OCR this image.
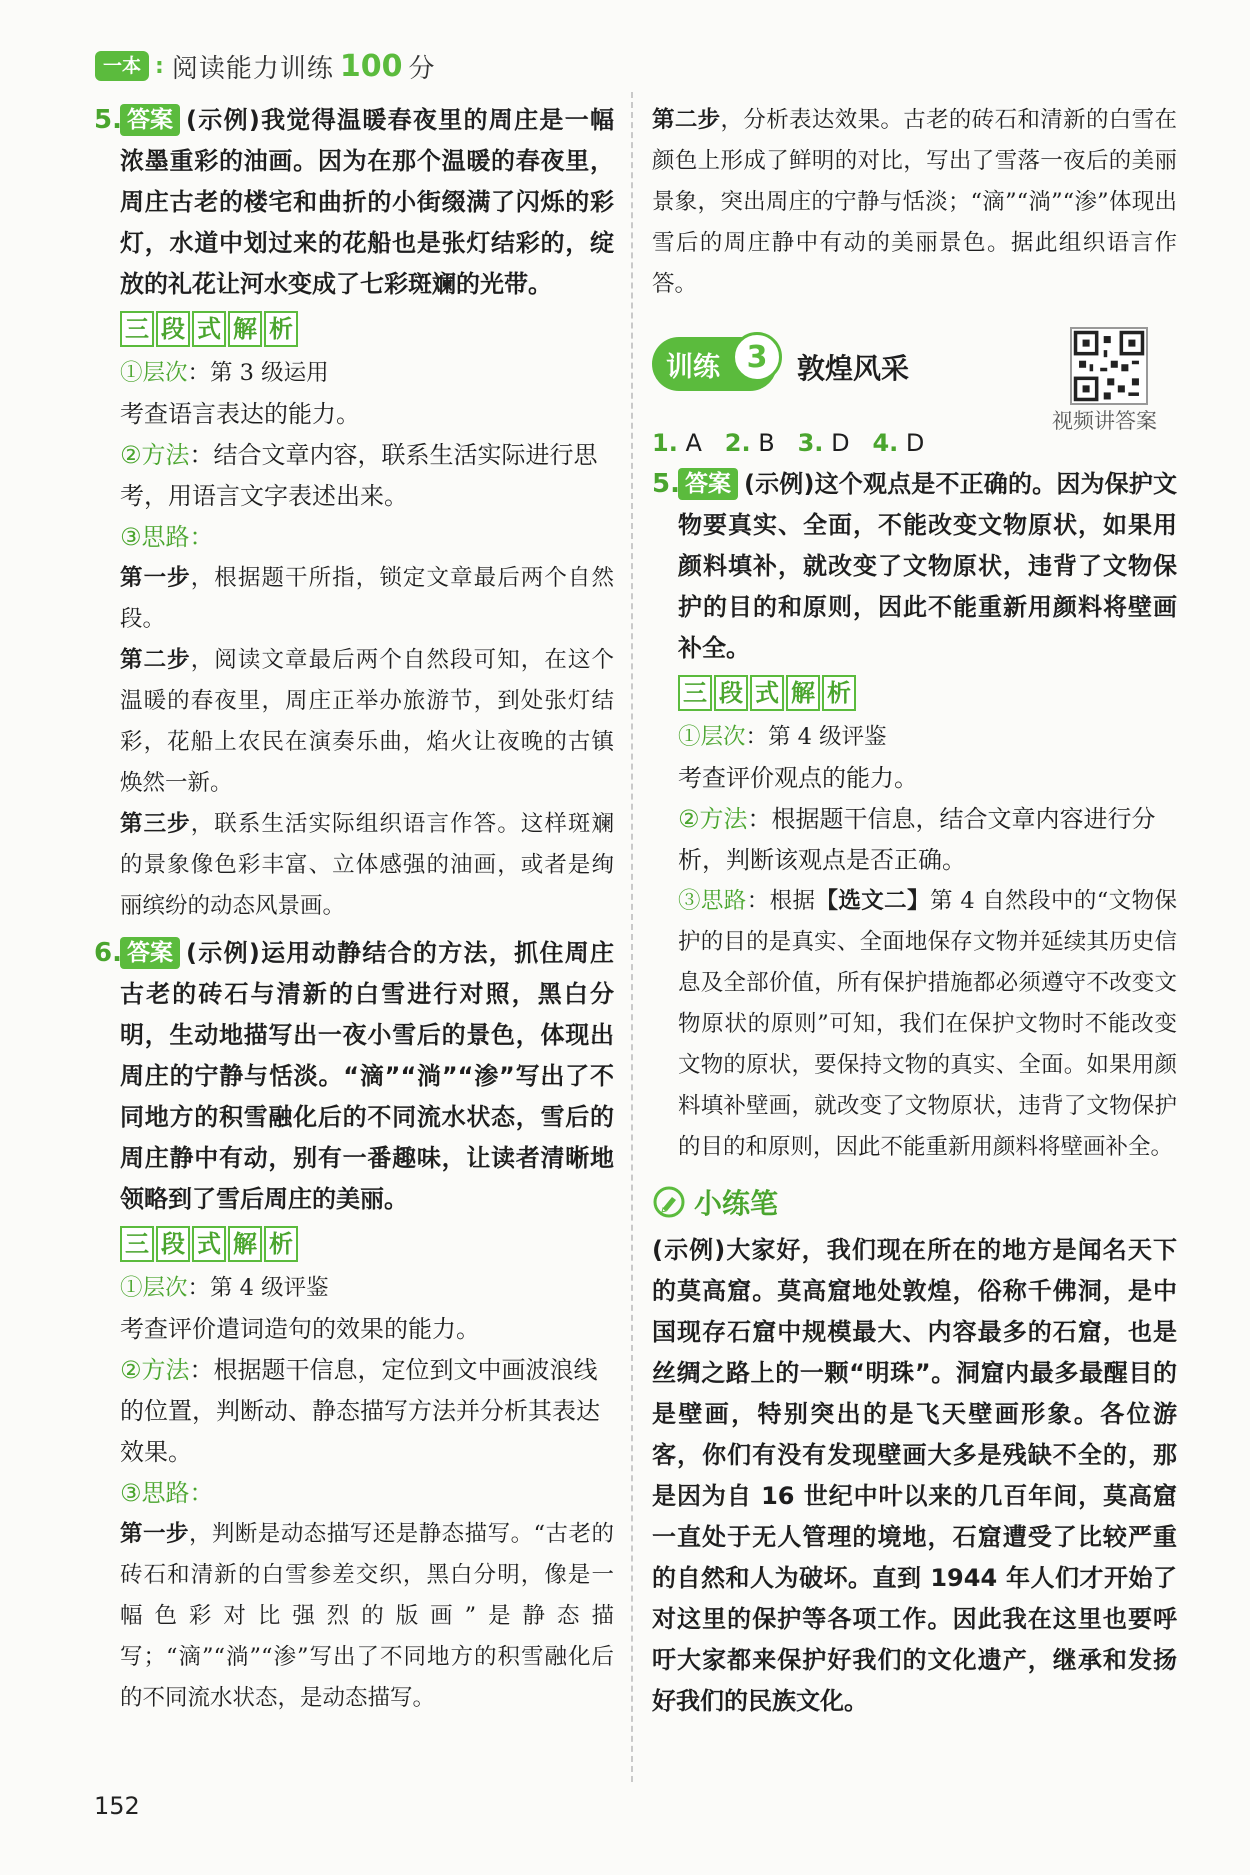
一本 : 阅读能力训练 100 分
5. 答案 (示例)我觉得温暖春夜里的周庄是一幅浓墨重彩的油画。因为在那个温暖的春夜里，周庄古老的楼宅和曲折的小街缀满了闪烁的彩灯，水道中划过来的花船也是张灯结彩的，绽放的礼花让河水变成了七彩斑斓的光带。
三 段 式 解 析
①层次：第 3 级运用
考查语言表达的能力。
②方法：结合文章内容，联系生活实际进行思考，用语言文字表述出来。
③思路：
第一步，根据题干所指，锁定文章最后两个自然段。
第二步，阅读文章最后两个自然段可知，在这个温暖的春夜里，周庄正举办旅游节，到处张灯结彩，花船上农民在演奏乐曲，焰火让夜晚的古镇焕然一新。
第三步，联系生活实际组织语言作答。这样斑斓的景象像色彩丰富、立体感强的油画，或者是绚丽缤纷的动态风景画。
6. 答案 (示例)运用动静结合的方法，抓住周庄古老的砖石与清新的白雪进行对照，黑白分明，生动地描写出一夜小雪后的景色，体现出周庄的宁静与恬淡。“滴”“淌”“渗”写出了不同地方的积雪融化后的不同流水状态，雪后的周庄静中有动，别有一番趣味，让读者清晰地领略到了雪后周庄的美丽。
三 段 式 解 析
①层次：第 4 级评鉴
考查评价遣词造句的效果的能力。
②方法：根据题干信息，定位到文中画波浪线的位置，判断动、静态描写方法并分析其表达效果。
③思路：
第一步，判断是动态描写还是静态描写。“古老的砖石和清新的白雪参差交织，黑白分明，像是一幅色彩对比强烈的版画”是静态描写；“滴”“淌”“渗”写出了不同地方的积雪融化后的不同流水状态，是动态描写。
第二步，分析表达效果。古老的砖石和清新的白雪在颜色上形成了鲜明的对比，写出了雪落一夜后的美丽景象，突出周庄的宁静与恬淡；“滴”“淌”“渗”体现出雪后的周庄静中有动的美丽景色。据此组织语言作答。
训练 3	敦煌风采
视频讲答案
1. A 2. B 3. D 4. D
5. 答案 (示例)这个观点是不正确的。因为保护文物要真实、全面，不能改变文物原状，如果用颜料填补，就改变了文物原状，违背了文物保护的目的和原则，因此不能重新用颜料将壁画补全。
三 段 式 解 析
①层次：第 4 级评鉴
考查评价观点的能力。
②方法：根据题干信息，结合文章内容进行分析，判断该观点是否正确。
③思路：根据【选文二】第 4 自然段中的“文物保护的目的是真实、全面地保存文物并延续其历史信息及全部价值，所有保护措施都必须遵守不改变文物原状的原则”可知，我们在保护文物时不能改变文物的原状，要保持文物的真实、全面。如果用颜料填补壁画，就改变了文物原状，违背了文物保护的目的和原则，因此不能重新用颜料将壁画补全。
小练笔
(示例)大家好，我们现在所在的地方是闻名天下的莫高窟。莫高窟地处敦煌，俗称千佛洞，是中国现存石窟中规模最大、内容最多的石窟，也是丝绸之路上的一颗“明珠”。洞窟内最多最醒目的是壁画，特别突出的是飞天壁画形象。各位游客，你们有没有发现壁画大多是残缺不全的，那是因为自 16 世纪中叶以来的几百年间，莫高窟一直处于无人管理的境地，石窟遭受了比较严重的自然和人为破坏。直到 1944 年人们才开始了对这里的保护等各项工作。因此我在这里也要呼吁大家都来保护好我们的文化遗产，继承和发扬好我们的民族文化。
152
